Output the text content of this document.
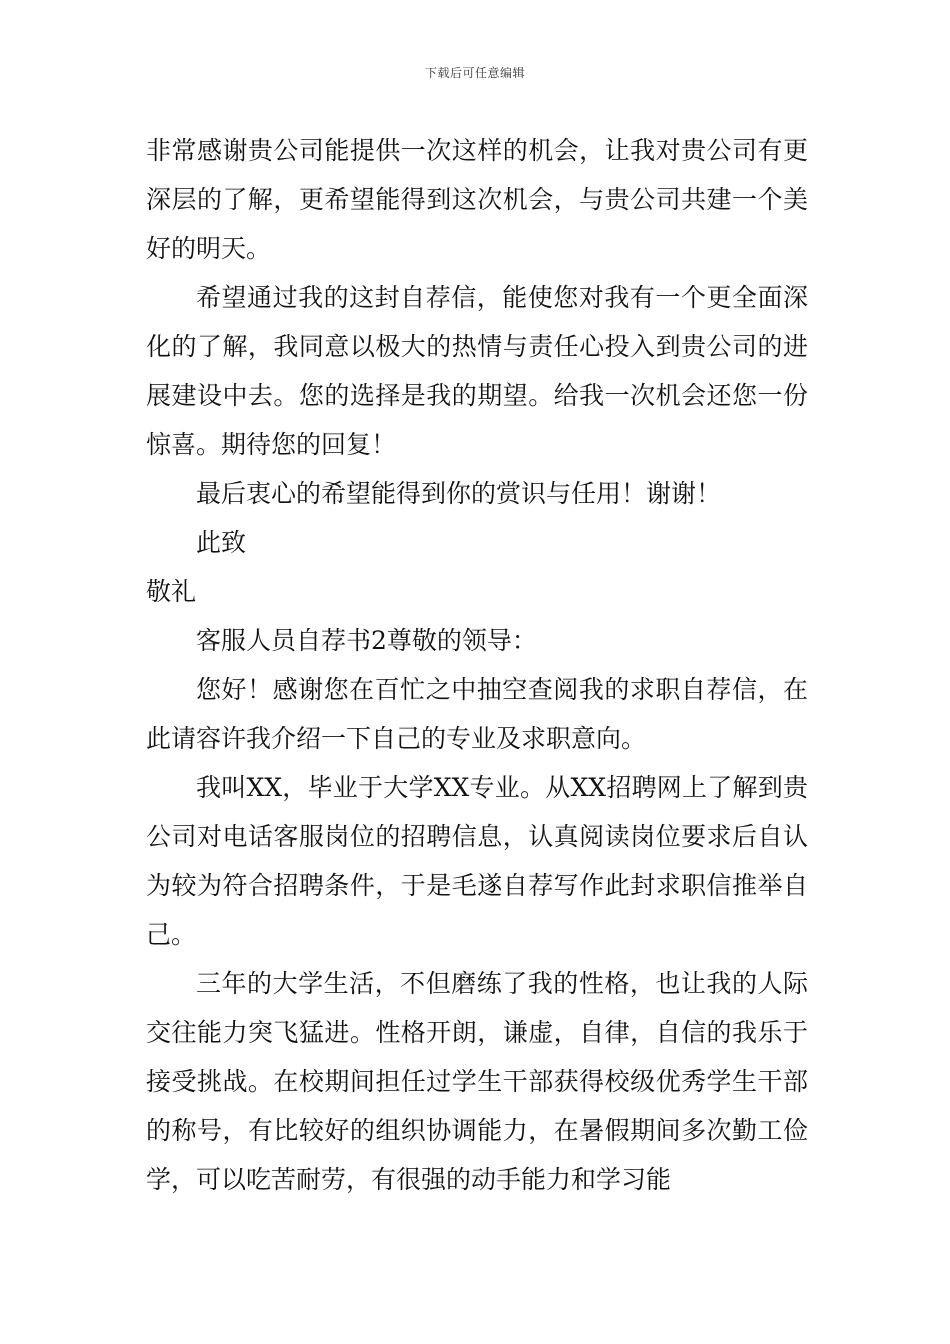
下载后可任意编辑

非常感谢贵公司能提供一次这样的机会，让我对贵公司有更深层的了解，更希望能得到这次机会，与贵公司共建一个美好的明天。

希望通过我的这封自荐信，能使您对我有一个更全面深化的了解，我同意以极大的热情与责任心投入到贵公司的进展建设中去。您的选择是我的期望。给我一次机会还您一份惊喜。期待您的回复！

最后衷心的希望能得到你的赏识与任用！谢谢！

此致

敬礼

客服人员自荐书2尊敬的领导：

您好！感谢您在百忙之中抽空查阅我的求职自荐信，在此请容许我介绍一下自己的专业及求职意向。

我叫XX，毕业于大学XX专业。从XX招聘网上了解到贵公司对电话客服岗位的招聘信息，认真阅读岗位要求后自认为较为符合招聘条件，于是毛遂自荐写作此封求职信推举自己。

三年的大学生活，不但磨练了我的性格，也让我的人际交往能力突飞猛进。性格开朗，谦虚，自律，自信的我乐于接受挑战。在校期间担任过学生干部获得校级优秀学生干部的称号，有比较好的组织协调能力，在暑假期间多次勤工俭学，可以吃苦耐劳，有很强的动手能力和学习能
